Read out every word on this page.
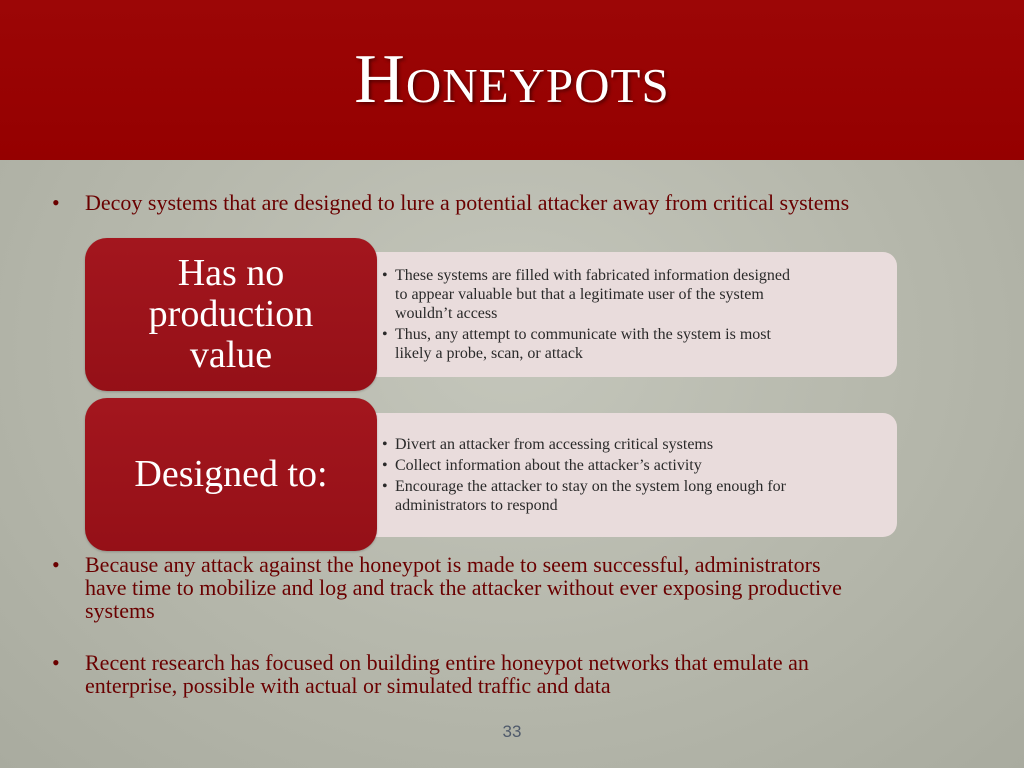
Honeypots
• Decoy systems that are designed to lure a potential attacker away from critical systems
• These systems are filled with fabricated information designed
to appear valuable but that a legitimate user of the system
wouldn’t access
• Thus, any attempt to communicate with the system is most
likely a probe, scan, or attack
Has no
production
value
• Divert an attacker from accessing critical systems
• Collect information about the attacker’s activity
• Encourage the attacker to stay on the system long enough for
administrators to respond
Designed to:
• Because any attack against the honeypot is made to seem successful, administrators
have time to mobilize and log and track the attacker without ever exposing productive
systems
• Recent research has focused on building entire honeypot networks that emulate an
enterprise, possible with actual or simulated traffic and data
33
